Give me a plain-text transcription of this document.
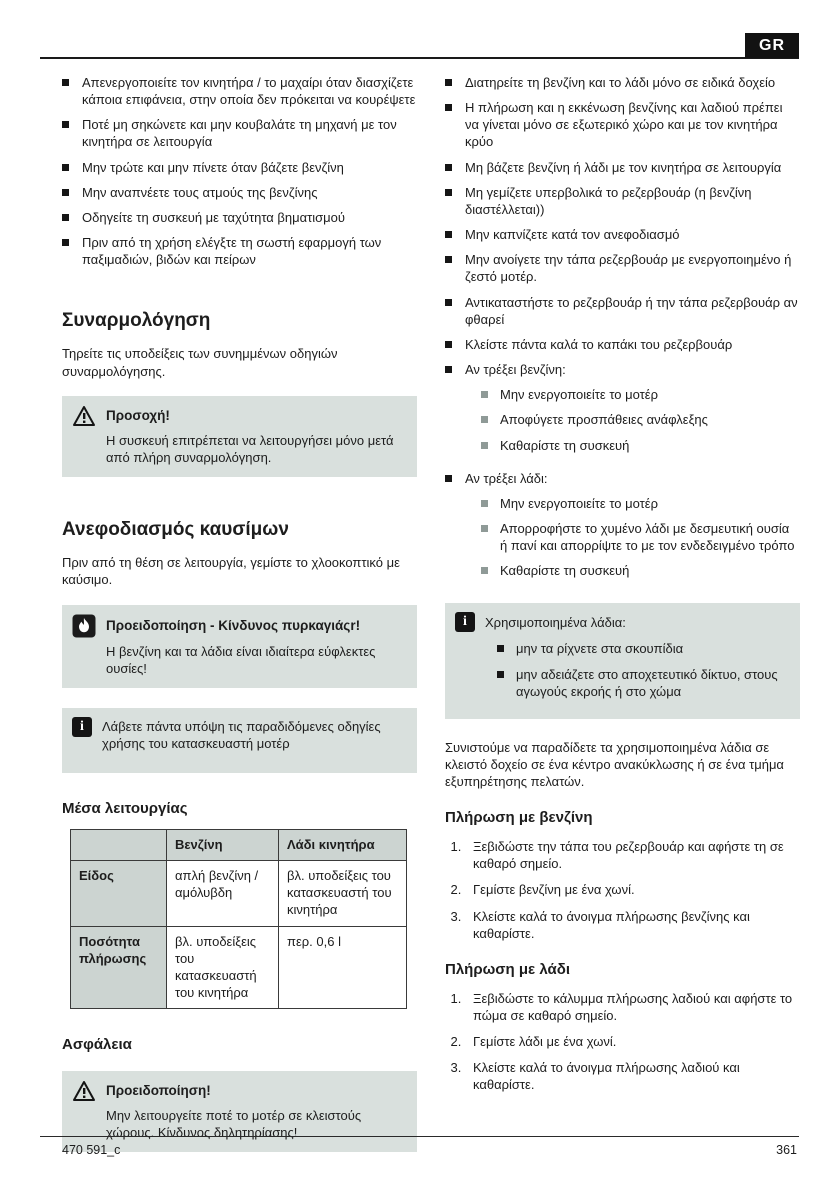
GR
Απενεργοποιείτε τον κινητήρα / το μαχαίρι όταν διασχίζετε κάποια επιφάνεια, στην οποία δεν πρόκειται να κουρέψετε
Ποτέ μη σηκώνετε και μην κουβαλάτε τη μηχανή με τον κινητήρα σε λειτουργία
Μην τρώτε και μην πίνετε όταν βάζετε βενζίνη
Μην αναπνέετε τους ατμούς της βενζίνης
Οδηγείτε τη συσκευή με ταχύτητα βηματισμού
Πριν από τη χρήση ελέγξτε τη σωστή εφαρμογή των παξιμαδιών, βιδών και πείρων
Συναρμολόγηση

Τηρείτε τις υποδείξεις των συνημμένων οδηγιών συναρμολόγησης.

Προσοχή!

Η συσκευή επιτρέπεται να λειτουργήσει μόνο μετά από πλήρη συναρμολόγηση.

Ανεφοδιασμός καυσίμων

Πριν από τη θέση σε λειτουργία, γεμίστε το χλοοκοπτικό με καύσιμο.

Προειδοποίηση - Κίνδυνος πυρκαγιάςr!

Η βενζίνη και τα λάδια είναι ιδιαίτερα εύφλεκτες ουσίες!

i	Λάβετε πάντα υπόψη τις παραδιδόμενες οδηγίες χρήσης του κατασκευαστή μοτέρ

Μέσα λειτουργίας
	Βενζίνη	Λάδι κινητήρα
Είδος	απλή βενζίνη / αμόλυβδη	βλ. υποδείξεις του κατασκευαστή του κινητήρα
Ποσότητα πλήρωσης	βλ. υποδείξεις του κατασκευαστή του κινητήρα	περ. 0,6 l
Ασφάλεια
Προειδοποίηση!

Μην λειτουργείτε ποτέ το μοτέρ σε κλειστούς χώρους. Κίνδυνος δηλητηρίασης!

Διατηρείτε τη βενζίνη και το λάδι μόνο σε ειδικά δοχείο
Η πλήρωση και η εκκένωση βενζίνης και λαδιού πρέπει να γίνεται μόνο σε εξωτερικό χώρο και με τον κινητήρα κρύο
Μη βάζετε βενζίνη ή λάδι με τον κινητήρα σε λειτουργία
Μη γεμίζετε υπερβολικά το ρεζερβουάρ (η βενζίνη διαστέλλεται))
Μην καπνίζετε κατά τον ανεφοδιασμό
Μην ανοίγετε την τάπα ρεζερβουάρ με ενεργοποιημένο ή ζεστό μοτέρ.
Αντικαταστήστε το ρεζερβουάρ ή την τάπα ρεζερβουάρ αν φθαρεί
Κλείστε πάντα καλά το καπάκι του ρεζερβουάρ
Αν τρέξει βενζίνη:
Μην ενεργοποιείτε το μοτέρ
Αποφύγετε προσπάθειες ανάφλεξης
Καθαρίστε τη συσκευή
Αν τρέξει λάδι:
Μην ενεργοποιείτε το μοτέρ
Απορροφήστε το χυμένο λάδι με δεσμευτική ουσία ή πανί και απορρίψτε το με τον ενδεδειγμένο τρόπο
Καθαρίστε τη συσκευή
i	Χρησιμοποιημένα λάδια:
μην τα ρίχνετε στα σκουπίδια
μην αδειάζετε στο αποχετευτικό δίκτυο, στους αγωγούς εκροής ή στο χώμα

Συνιστούμε να παραδίδετε τα χρησιμοποιημένα λάδια σε κλειστό δοχείο σε ένα κέντρο ανακύκλωσης ή σε ένα τμήμα εξυπηρέτησης πελατών.

Πλήρωση με βενζίνη
1. Ξεβιδώστε την τάπα του ρεζερβουάρ και αφήστε τη σε καθαρό σημείο.
2. Γεμίστε βενζίνη με ένα χωνί.
3. Κλείστε καλά το άνοιγμα πλήρωσης βενζίνης και καθαρίστε.
Πλήρωση με λάδι
1. Ξεβιδώστε το κάλυμμα πλήρωσης λαδιού και αφήστε το πώμα σε καθαρό σημείο.
2. Γεμίστε λάδι με ένα χωνί.
3. Κλείστε καλά το άνοιγμα πλήρωσης λαδιού και καθαρίστε.
470 591_c	361
